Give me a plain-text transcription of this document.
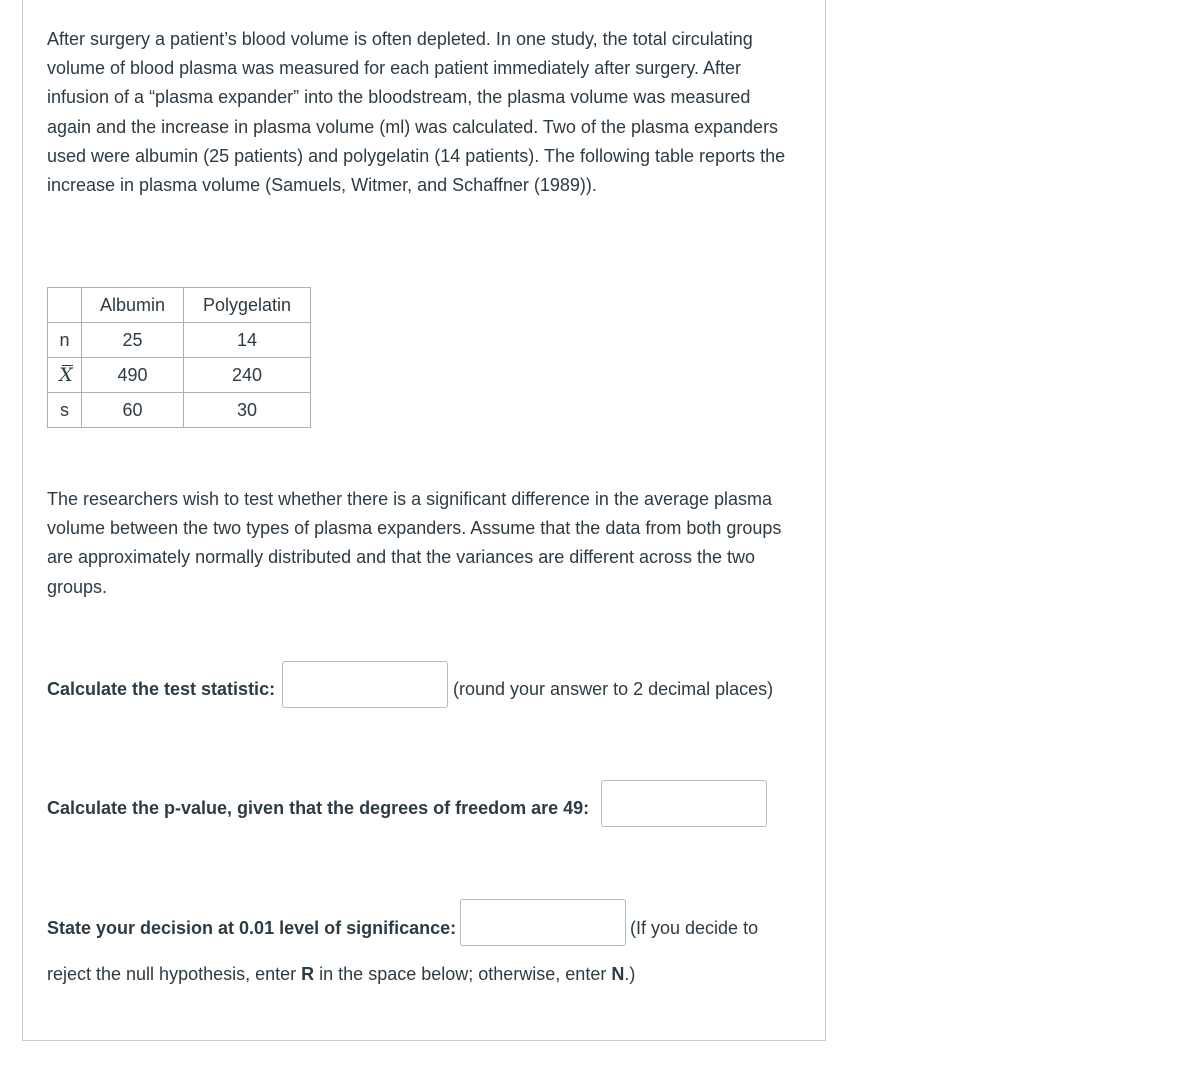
After surgery a patient’s blood volume is often depleted. In one study, the total circulating volume of blood plasma was measured for each patient immediately after surgery. After infusion of a “plasma expander” into the bloodstream, the plasma volume was measured again and the increase in plasma volume (ml) was calculated. Two of the plasma expanders used were albumin (25 patients) and polygelatin (14 patients). The following table reports the increase in plasma volume (Samuels, Witmer, and Schaffner (1989)).

	Albumin	Polygelatin
n	25	14
X	490	240
s	60	30

The researchers wish to test whether there is a significant difference in the average plasma volume between the two types of plasma expanders. Assume that the data from both groups are approximately normally distributed and that the variances are different across the two groups.

Calculate the test statistic:	(round your answer to 2 decimal places)
Calculate the p-value, given that the degrees of freedom are 49:
State your decision at 0.01 level of significance:	(If you decide to
reject the null hypothesis, enter R in the space below; otherwise, enter N.)
